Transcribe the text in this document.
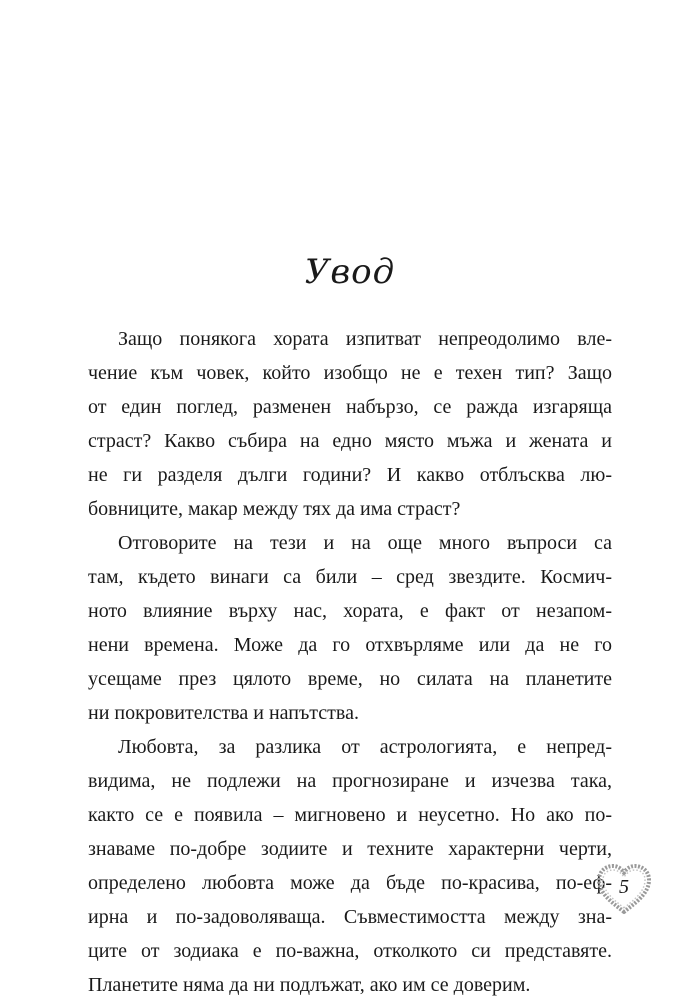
Увод
Защо понякога хората изпитват непреодолимо вле-
чение към човек, който изобщо не е техен тип? Защо
от един поглед, разменен набързо, се ражда изгаряща
страст? Какво събира на едно място мъжа и жената и
не ги разделя дълги години? И какво отблъсква лю-
бовниците, макар между тях да има страст?
Отговорите на тези и на още много въпроси са
там, където винаги са били – сред звездите. Космич-
ното влияние върху нас, хората, е факт от незапом-
нени времена. Може да го отхвърляме или да не го
усещаме през цялото време, но силата на планетите
ни покровителства и напътства.
Любовта, за разлика от астрологията, е непред-
видима, не подлежи на прогнозиране и изчезва така,
както се е появила – мигновено и неусетно. Но ако по-
знаваме по-добре зодиите и техните характерни черти,
определено любовта може да бъде по-красива, по-еф-
ирна и по-задоволяваща. Съвместимостта между зна-
ците от зодиака е по-важна, отколкото си представяте.
Планетите няма да ни подлъжат, ако им се доверим.
5
